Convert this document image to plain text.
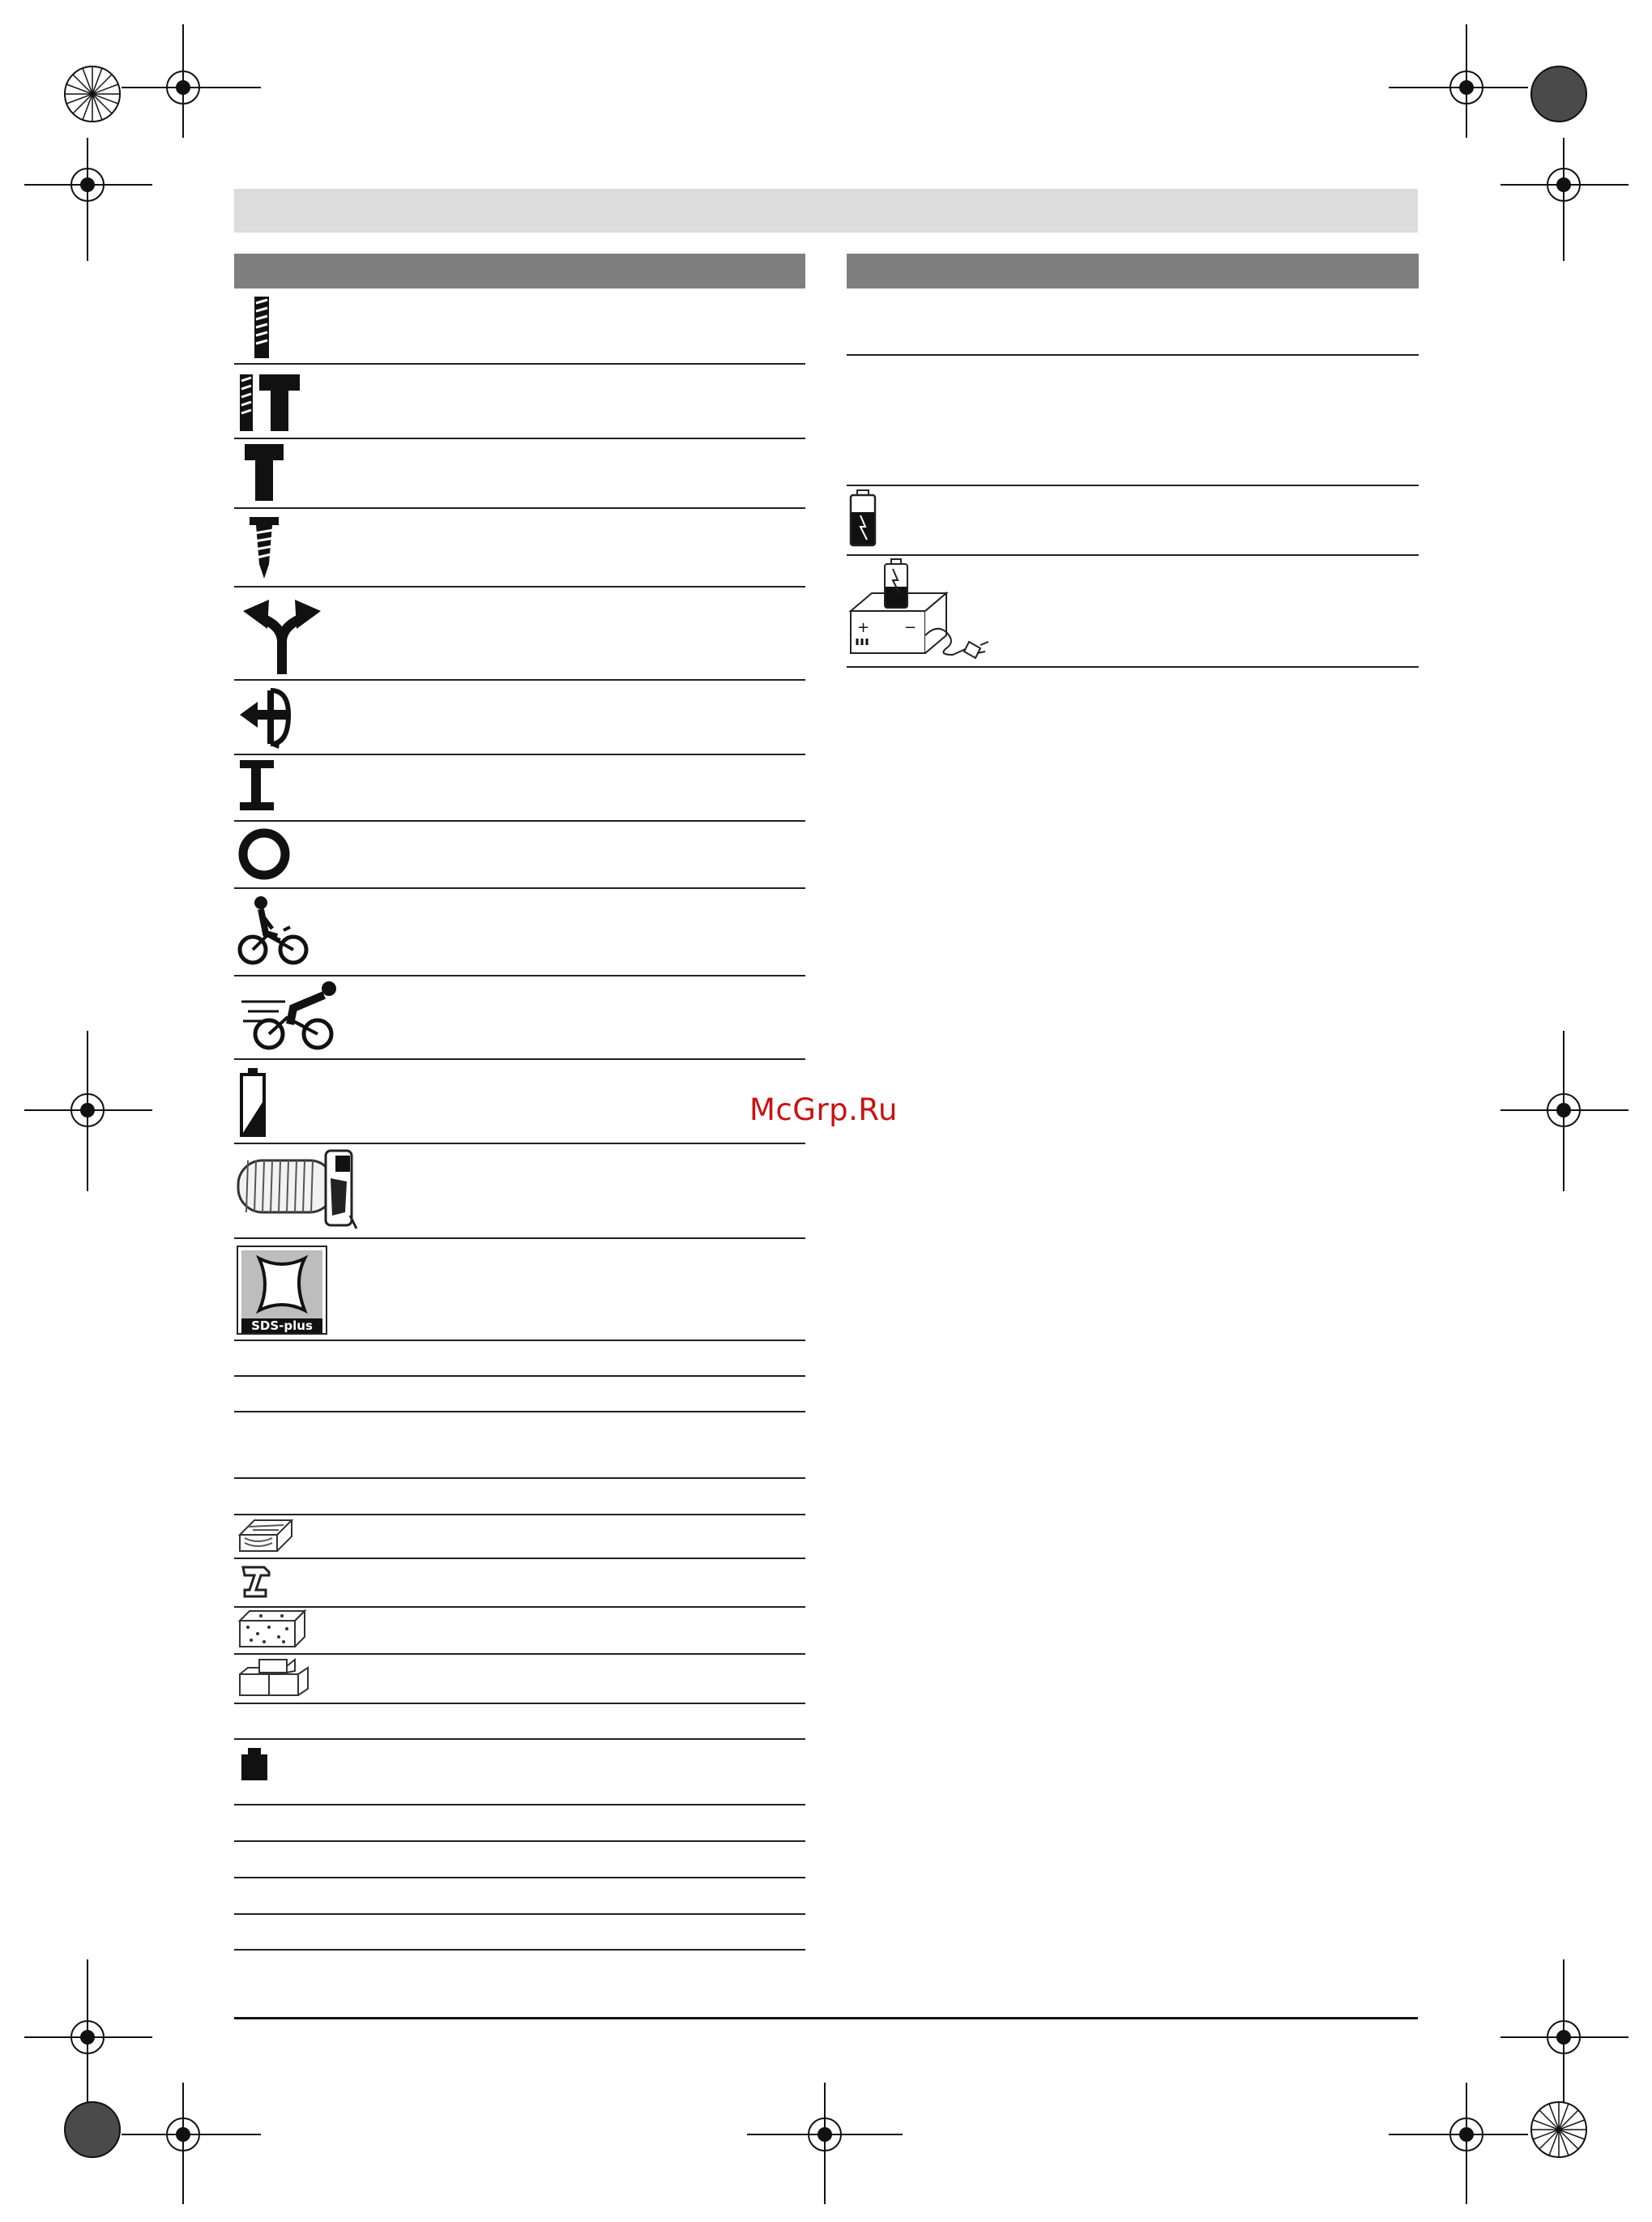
SDS-plus
+ −
McGrp.Ru
